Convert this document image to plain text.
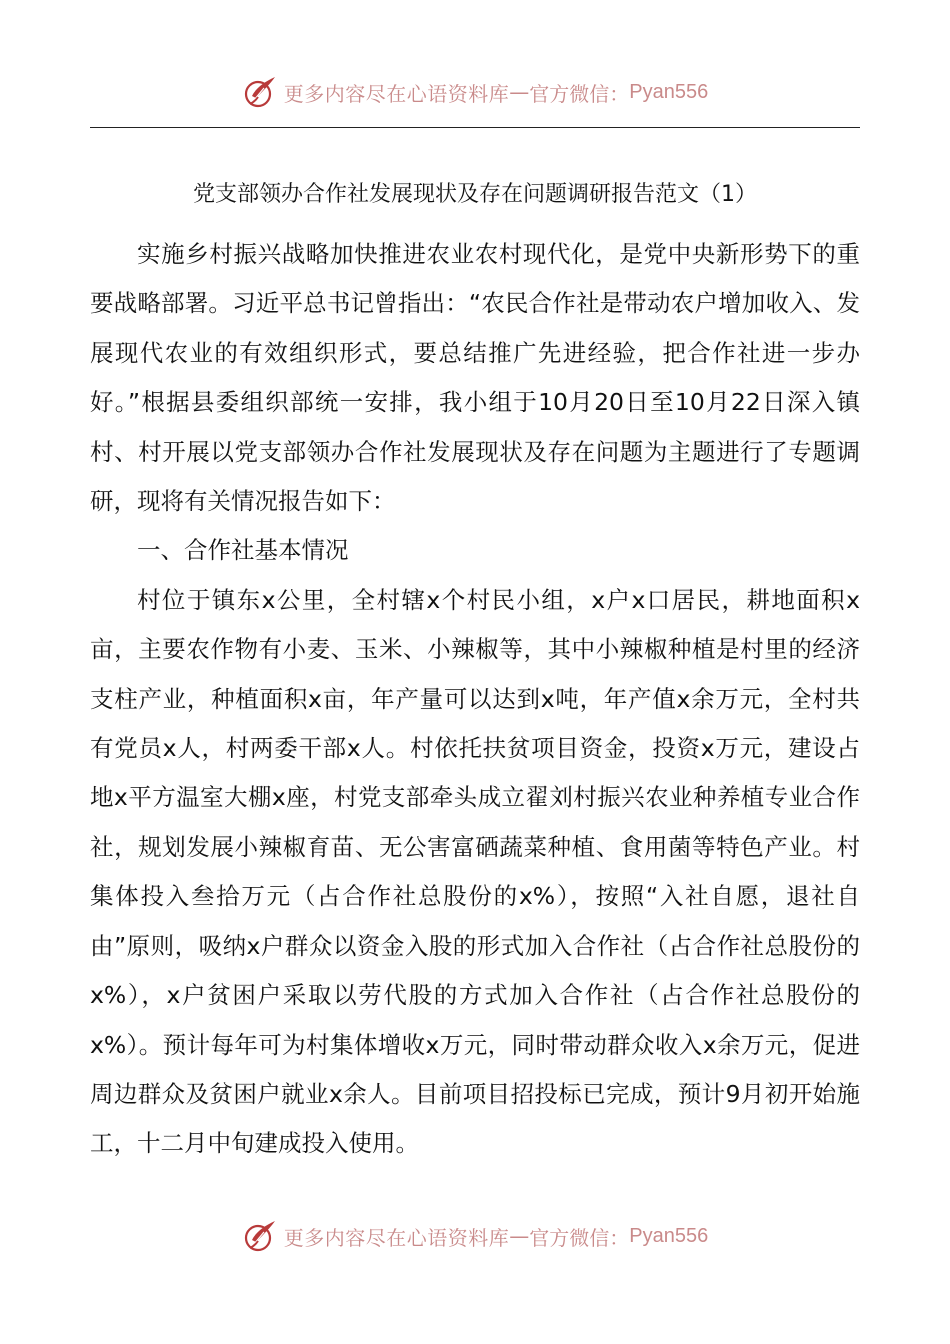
更多内容尽在心语资料库 — 官方微信： Pyan556
党支部领办合作社发展现状及存在问题调研报告范文（1）

实施乡村振兴战略加快推进农业农村现代化，是党中央新形势下的重要战略部署。习近平总书记曾指出：“农民合作社是带动农户增加收入、发展现代农业的有效组织形式，要总结推广先进经验，把合作社进一步办好。”根据县委组织部统一安排，我小组于10月20日至10月22日深入镇村、村开展以党支部领办合作社发展现状及存在问题为主题进行了专题调研，现将有关情况报告如下：

一、合作社基本情况

村位于镇东x公里，全村辖x个村民小组，x户x口居民，耕地面积x亩，主要农作物有小麦、玉米、小辣椒等，其中小辣椒种植是村里的经济支柱产业，种植面积x亩，年产量可以达到x吨，年产值x余万元，全村共有党员x人，村两委干部x人。村依托扶贫项目资金，投资x万元，建设占地x平方温室大棚x座，村党支部牵头成立翟刘村振兴农业种养植专业合作社，规划发展小辣椒育苗、无公害富硒蔬菜种植、食用菌等特色产业。村集体投入叁拾万元（占合作社总股份的x%），按照“入社自愿，退社自由”原则，吸纳x户群众以资金入股的形式加入合作社（占合作社总股份的x%），x户贫困户采取以劳代股的方式加入合作社（占合作社总股份的x%）。预计每年可为村集体增收x万元，同时带动群众收入x余万元，促进周边群众及贫困户就业x余人。目前项目招投标已完成，预计9月初开始施工，十二月中旬建成投入使用。

更多内容尽在心语资料库 — 官方微信： Pyan556
